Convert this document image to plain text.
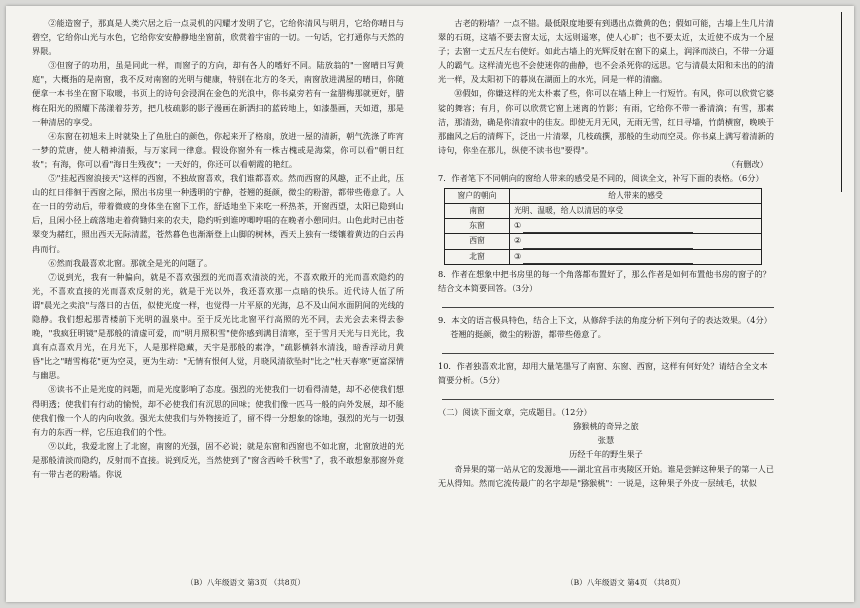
②能造窗子，那真是人类穴居之后一点灵机的闪耀才发明了它，它给你清风与明月，它给你晴日与碧空，它给你山光与水色，它给你安安静静地坐窗前，欣赏着宇宙的一切。一句话，它打通你与天然的界限。

③但窗子的功用，虽是同此一样，而窗子的方向，却有各人的嗜好不同。陆放翁的"一窗晴日写黄庭"，大概指的是南窗，我不反对南窗的光明与健康，特别在北方的冬天，南窗放进满屋的晴日，你随便拿一本书坐在窗下取暖，书页上的诗句会浸润在金色的光浪中，你书桌旁若有一盆腊梅那就更好，腊梅在阳光的照耀下荡漾着芬芳，把几枝疏影的影子漫画在新洒扫的蓝砖地上，如漆墨画，天如道，那是一种清居的享受。

④东窗在初旭未上时就染上了鱼肚白的颜色，你起来开了格扇，放进一屋的清新，朝气洗涤了昨宵一梦的荒唐，使人精神清振，与万家同一律意。假设你窗外有一株古槐或是海棠，你可以看"朝日红妆"；有海，你可以看"海日生残夜"；一天好的，你还可以看朝霞的艳红。

⑤"挂起西窗浪接天"这样的西窗，不独故窗喜欢，我们谁都喜欢。然而西窗的风趣，正不止此，压山的红日徘徊于西窗之际，照出书房里一种透明的宁静，苍翘的挺颜，微尘的粉游，都带些倦意了。人在一日的劳动后，带着微疲的身体坐在窗下工作，舒适地坐下来吃一杯热茶，开窗西望，太阳已隐到山后，且闲小径上疏落地走着荷锄归来的农夫，隐约听到谁哼唧哼唱的在晚者小憩同归。山色此时已由苍翠变为赭红，照出西天无际清蓝，苍然暮色也渐渐登上山脚的树林，西天上独有一缕镶着黄边的白云冉冉而行。

⑥然而我最喜欢北窗。那就全是光的问题了。

⑦说到光，我有一种偏向，就是不喜欢强烈的光而喜欢清淡的光，不喜欢敞开的光而喜欢隐约的光，不喜欢直接的光而喜欢反射的光，就是于光以外，我还喜欢那一点暗的快乐。近代诗人伍了所谓"晨光之卖浪"与落日的古伍，似使光度一样，也觉得一片平原的光海，总不及山间水面阴间的光线的隐静。我们想起那青楼前下光明的温泉中。至于反光比北窗平行高照的光不同，去光会去来得去参晚，"我疯狂明镜"是那般的清虚可爱，而"明月照积雪"使你感到满目清寒，至于雪月天光与日光比，我真有点喜欢月光，在月光下，人是那样隐藏，天宇是那般的素净，"疏影横斜水清浅，暗香浮动月黄昏"比之"晴雪梅花"更为空灵，更为生动："无情有恨何人觉，月晓风清欲坠时"比之"杜天春寒"更富深情与幽思。

⑧读书不止是光度的问题，而是光度影响了态度。强烈的光使我们一切看得清楚，却不必使我们想得明透；使我们有行动的愉悦，却不必使我们有沉思的回味；使我们像一匹马一般的向外发展，却不能使我们像一个人的内向收敛。强光太使我们与外物接近了，留不得一分想象的馀地，强烈的光与一切强有力的东西一样，它压迫我们的个性。

⑨以此，我爱北窗上了北窗，南窗的光强，固不必说；就是东窗和西窗也不如北窗，北窗放进的光是那般清淡而隐约，反射而不直接。说到反光，当然使到了"窗含西岭千秋雪"了，我不敢想象那窗外竟有一带古老的粉墙。你说

古老的粉墙？一点不错。最低限度地要有到遇出点微黄的色；假如可能，古墙上生几片清翠的石斑，这墙不要去窗太远，太远则遥寒，使人心旷；也不要太近，太近使不成为一个屋子；去窗一丈五尺左右使好。如此古墙上的光辉反射在窗下的桌上，润泽而淡白，不带一分逼人的霸气。这样清光也不会使迷你的曲静，也不会杀死你的远思。它与清晨太阳和未出的的清光一样，及太阳初下的暮岚在湖面上的水光，同是一样的清幽。

⑩假如，你嫌这样的光太朴素了些，你可以在墙上种上一行短竹。有风，你可以欣赏它婆娑的舞容；有月，你可以欣赏它窗上迷离的竹影；有雨，它给你不带一番清滴；有雪，那素洁，那清劲，确是你清寂中的佳友。即使无月无风，无雨无雪，红日寻墙，竹荫横窗，晚映于那幽风之后的清辉下，泛出一片清翠，几枝疏撰，那般的生动而空灵。你书桌上满写着清新的诗句，你坐在那儿，纵使不读书也"要得"。

（有删改）

7．作者笔下不同朝向的窗给人带来的感受是不同的，阅读全文，补写下面的表格。（6分）

窗户的朝向	给人带来的感受
南窗	光明、温暖，给人以清居的享受
东窗	①
西窗	②
北窗	③

8．作者在想象中把书房里的每一个角落都布置好了，那么作者是如何布置他书房的窗子的？结合文本简要回答。（3分）

9．本文的语言极具特色，结合上下文，从修辞手法的角度分析下列句子的表达效果。（4分）

苍翘的挺颜，微尘的粉游，都带些倦意了。

10．作者独喜欢北窗，却用大量笔墨写了南窗、东窗、西窗，这样有何好处？请结合全文本简要分析。（5分）

（二）阅读下面文章，完成题目。（12分）

猕猴桃的奇异之旅

张慧

历经千年的野生果子

奇异果的第一站从它的发源地——湖北宜昌市夷陵区开始。谁是尝鲜这种果子的第一人已无从得知。然而它流传最广的名字却是"猕猴桃"：一说是，这种果子外皮一层绒毛，状似

（B）八年级语文 第3页 （共8页）	（B）八年级语文 第4页 （共8页）
